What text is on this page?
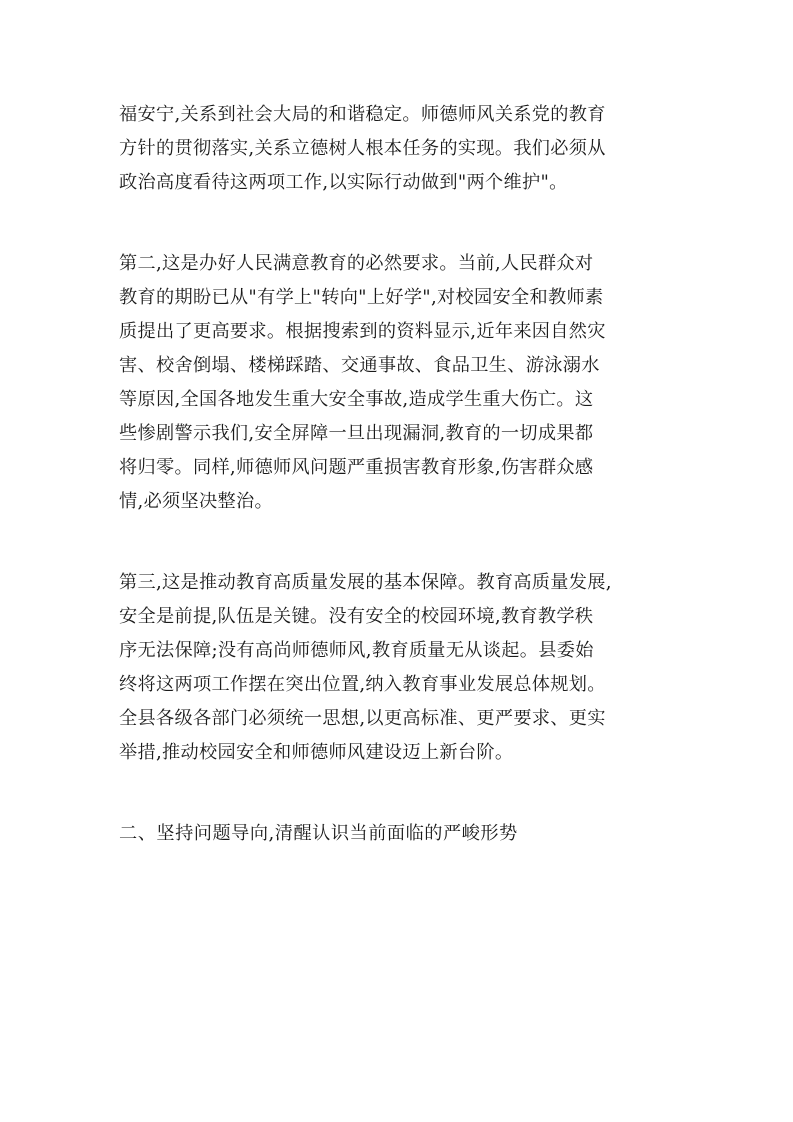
福安宁,关系到社会大局的和谐稳定。师德师风关系党的教育
方针的贯彻落实,关系立德树人根本任务的实现。我们必须从
政治高度看待这两项工作,以实际行动做到"两个维护"。
第二,这是办好人民满意教育的必然要求。当前,人民群众对
教育的期盼已从"有学上"转向"上好学",对校园安全和教师素
质提出了更高要求。根据搜索到的资料显示,近年来因自然灾
害、校舍倒塌、楼梯踩踏、交通事故、食品卫生、游泳溺水
等原因,全国各地发生重大安全事故,造成学生重大伤亡。这
些惨剧警示我们,安全屏障一旦出现漏洞,教育的一切成果都
将归零。同样,师德师风问题严重损害教育形象,伤害群众感
情,必须坚决整治。
第三,这是推动教育高质量发展的基本保障。教育高质量发展,
安全是前提,队伍是关键。没有安全的校园环境,教育教学秩
序无法保障;没有高尚师德师风,教育质量无从谈起。县委始
终将这两项工作摆在突出位置,纳入教育事业发展总体规划。
全县各级各部门必须统一思想,以更高标准、更严要求、更实
举措,推动校园安全和师德师风建设迈上新台阶。
二、坚持问题导向,清醒认识当前面临的严峻形势
